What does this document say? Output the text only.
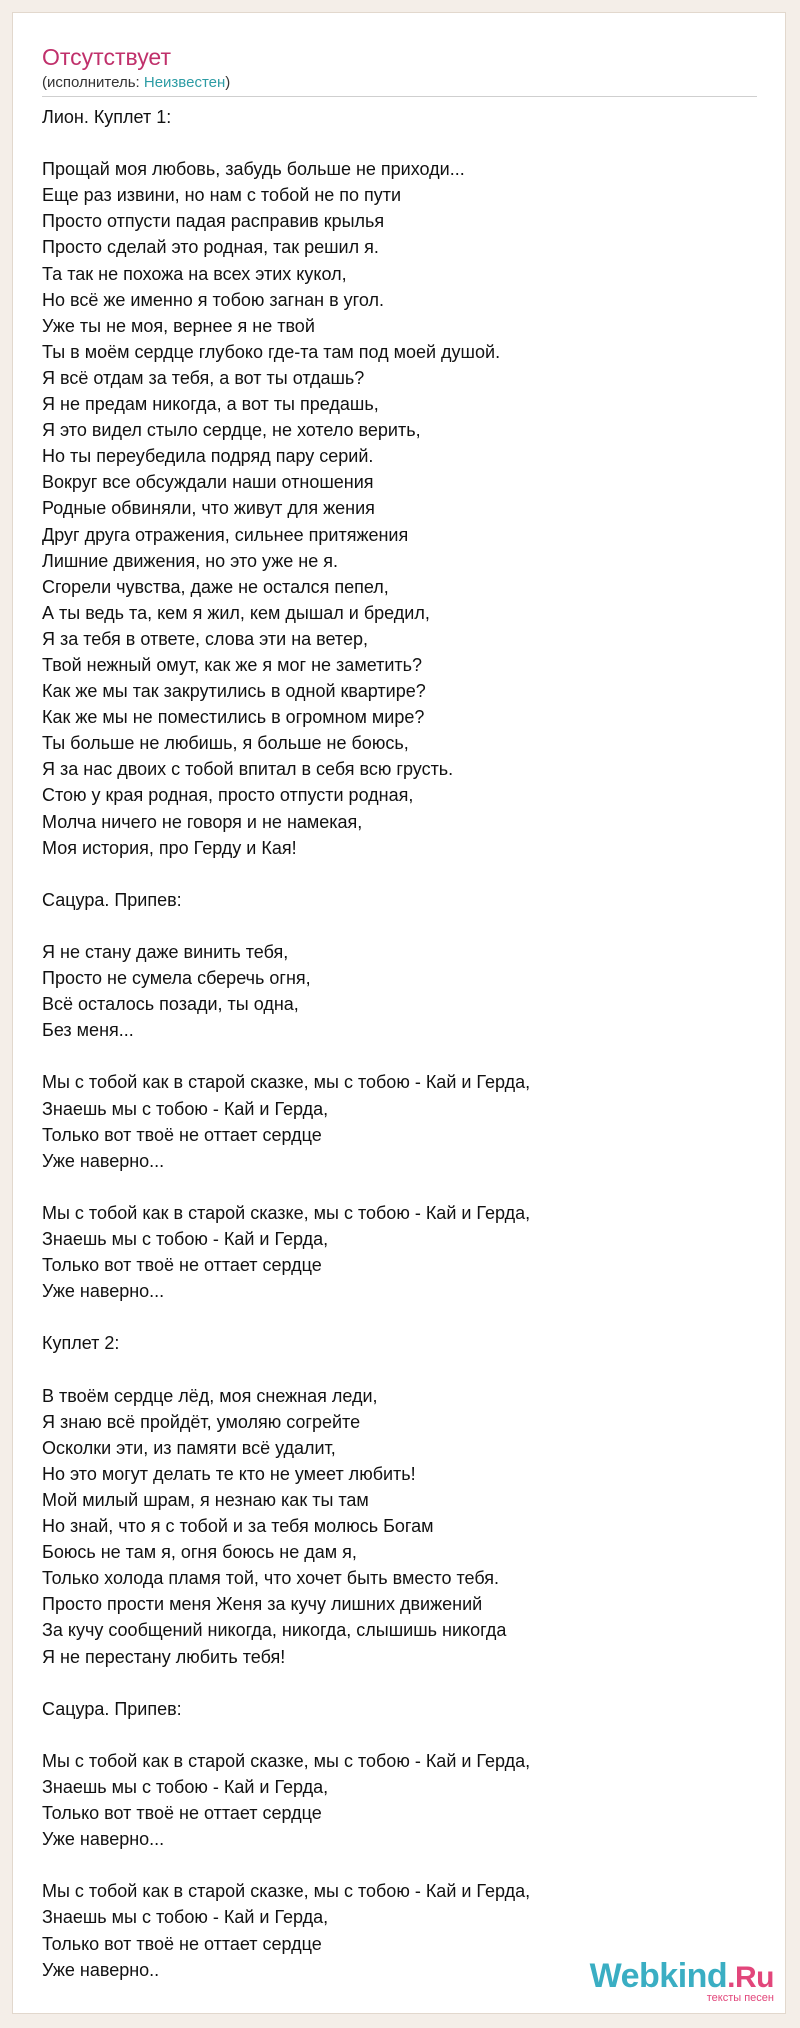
Отсутствует
(исполнитель: Неизвестен)
Лион. Куплет 1:
Прощай моя любовь, забудь больше не приходи...
Еще раз извини, но нам с тобой не по пути
Просто отпусти падая расправив крылья
Просто сделай это родная, так решил я.
Та так не похожа на всех этих кукол,
Но всё же именно я тобою загнан в угол.
Уже ты не моя, вернее я не твой
Ты в моём сердце глубоко где-та там под моей душой.
Я всё отдам за тебя, а вот ты отдашь?
Я не предам никогда, а вот ты предашь,
Я это видел стыло сердце, не хотело верить,
Но ты переубедила подряд пару серий.
Вокруг все обсуждали наши отношения
Родные обвиняли, что живут для жения
Друг друга отражения, сильнее притяжения
Лишние движения, но это уже не я.
Сгорели чувства, даже не остался пепел,
А ты ведь та, кем я жил, кем дышал и бредил,
Я за тебя в ответе, слова эти на ветер,
Твой нежный омут, как же я мог не заметить?
Как же мы так закрутились в одной квартире?
Как же мы не поместились в огромном мире?
Ты больше не любишь, я больше не боюсь,
Я за нас двоих с тобой впитал в себя всю грусть.
Стою у края родная, просто отпусти родная,
Молча ничего не говоря и не намекая,
Моя история, про Герду и Кая!
Сацура. Припев:
Я не стану даже винить тебя,
Просто не сумела сберечь огня,
Всё осталось позади, ты одна,
Без меня...
Мы с тобой как в старой сказке, мы с тобою - Кай и Герда,
Знаешь мы с тобою - Кай и Герда,
Только вот твоё не оттает сердце
Уже наверно...
Мы с тобой как в старой сказке, мы с тобою - Кай и Герда,
Знаешь мы с тобою - Кай и Герда,
Только вот твоё не оттает сердце
Уже наверно...
Куплет 2:
В твоём сердце лёд, моя снежная леди,
Я знаю всё пройдёт, умоляю согрейте
Осколки эти, из памяти всё удалит,
Но это могут делать те кто не умеет любить!
Мой милый шрам, я незнаю как ты там
Но знай, что я с тобой и за тебя молюсь Богам
Боюсь не там я, огня боюсь не дам я,
Только холода пламя той, что хочет быть вместо тебя.
Просто прости меня Женя за кучу лишних движений
За кучу сообщений никогда, никогда, слышишь никогда
Я не перестану любить тебя!
Сацура. Припев:
Мы с тобой как в старой сказке, мы с тобою - Кай и Герда,
Знаешь мы с тобою - Кай и Герда,
Только вот твоё не оттает сердце
Уже наверно...
Мы с тобой как в старой сказке, мы с тобою - Кай и Герда,
Знаешь мы с тобою - Кай и Герда,
Только вот твоё не оттает сердце
Уже наверно..	Webkind.Ru
тексты песен
